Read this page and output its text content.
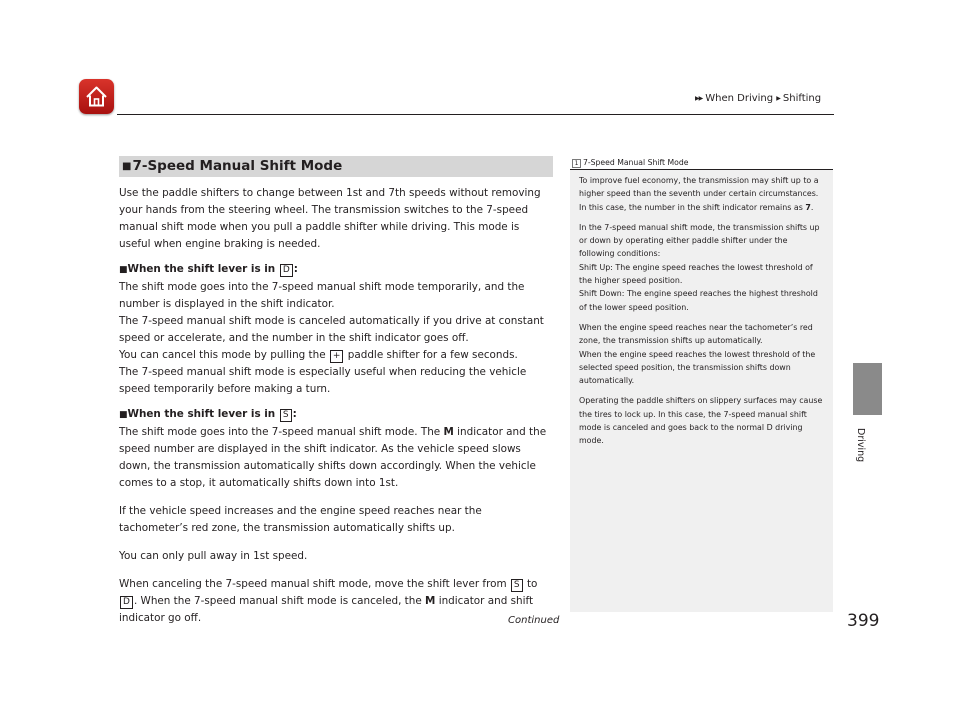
▶▶ When Driving ▶ Shifting
Driving
■7-Speed Manual Shift Mode

Use the paddle shifters to change between 1st and 7th speeds without removing your hands from the steering wheel. The transmission switches to the 7-speed manual shift mode when you pull a paddle shifter while driving. This mode is useful when engine braking is needed.

■When the shift lever is in D :

The shift mode goes into the 7-speed manual shift mode temporarily, and the number is displayed in the shift indicator.

The 7-speed manual shift mode is canceled automatically if you drive at constant speed or accelerate, and the number in the shift indicator goes off.

You can cancel this mode by pulling the + paddle shifter for a few seconds.

The 7-speed manual shift mode is especially useful when reducing the vehicle speed temporarily before making a turn.

■When the shift lever is in S :

The shift mode goes into the 7-speed manual shift mode. The M indicator and the speed number are displayed in the shift indicator. As the vehicle speed slows down, the transmission automatically shifts down accordingly. When the vehicle comes to a stop, it automatically shifts down into 1st.

If the vehicle speed increases and the engine speed reaches near the tachometer’s red zone, the transmission automatically shifts up.

You can only pull away in 1st speed.

When canceling the 7-speed manual shift mode, move the shift lever from S to
D . When the 7-speed manual shift mode is canceled, the M indicator and shift indicator go off.

1 7-Speed Manual Shift Mode

To improve fuel economy, the transmission may shift up to a higher speed than the seventh under certain circumstances. In this case, the number in the shift indicator remains as 7.

In the 7-speed manual shift mode, the transmission shifts up or down by operating either paddle shifter under the following conditions:

Shift Up: The engine speed reaches the lowest threshold of the higher speed position.

Shift Down: The engine speed reaches the highest threshold of the lower speed position.

When the engine speed reaches near the tachometer’s red zone, the transmission shifts up automatically.

When the engine speed reaches the lowest threshold of the selected speed position, the transmission shifts down automatically.

Operating the paddle shifters on slippery surfaces may cause the tires to lock up. In this case, the 7-speed manual shift mode is canceled and goes back to the normal D driving mode.

Continued	399
